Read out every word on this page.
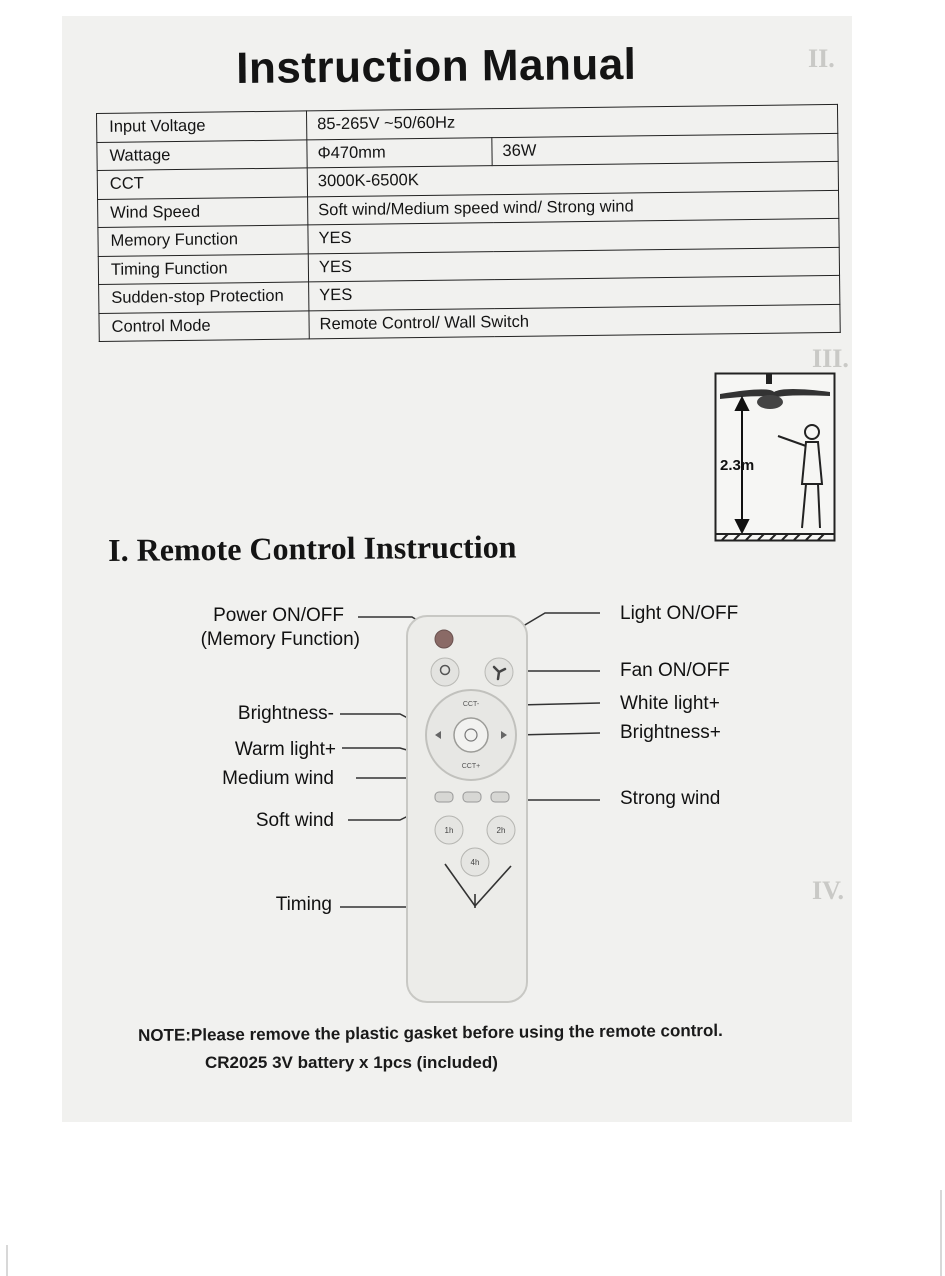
II.
III.
IV.
Instruction Manual
Input Voltage	85-265V ~50/60Hz	
Wattage	Φ470mm	36W
CCT	3000K-6500K	
Wind Speed	Soft wind/Medium speed wind/ Strong wind	
Memory Function	YES	
Timing Function	YES	
Sudden-stop Protection	YES	
Control Mode	Remote Control/ Wall Switch	
2.3m
I. Remote Control Instruction
CCT-
CCT+
1h	2h
4h
Power ON/OFF
(Memory Function)
Brightness-
Warm light+
Medium wind
Soft wind
Timing
Light ON/OFF
Fan ON/OFF
White light+
Brightness+
Strong wind
NOTE:Please remove the plastic gasket before using the remote control.
CR2025 3V battery x 1pcs (included)
